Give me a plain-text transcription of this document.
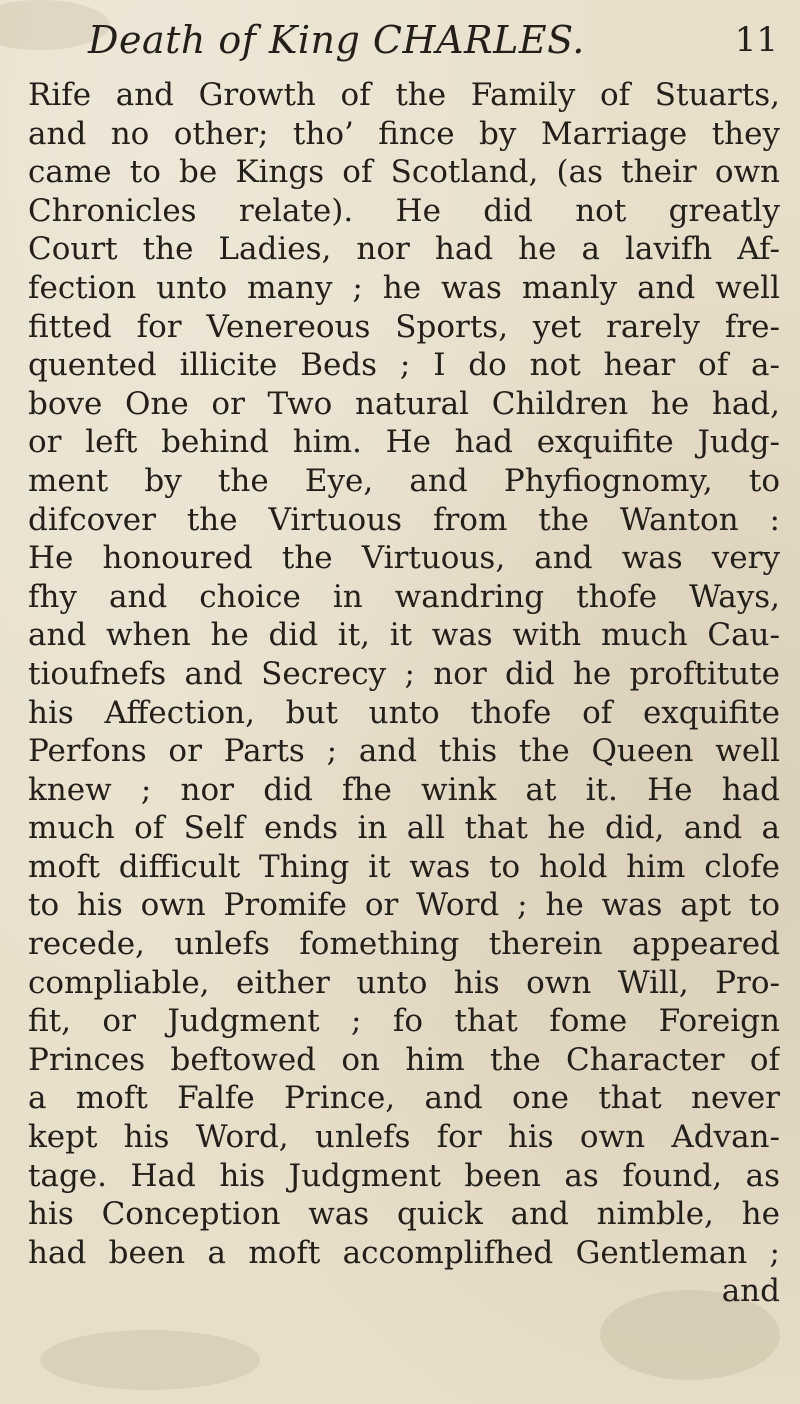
Death of King CHARLES.	11
Rife and Growth of the Family of Stuarts,
and no other; tho’ fince by Marriage they
came to be Kings of Scotland, (as their own
Chronicles relate). He did not greatly
Court the Ladies, nor had he a lavifh Af-
fection unto many ; he was manly and well
fitted for Venereous Sports, yet rarely fre-
quented illicite Beds ; I do not hear of a-
bove One or Two natural Children he had,
or left behind him. He had exquifite Judg-
ment by the Eye, and Phyfiognomy, to
difcover the Virtuous from the Wanton :
He honoured the Virtuous, and was very
fhy and choice in wandring thofe Ways,
and when he did it, it was with much Cau-
tioufnefs and Secrecy ; nor did he proftitute
his Affection, but unto thofe of exquifite
Perfons or Parts ; and this the Queen well
knew ; nor did fhe wink at it. He had
much of Self ends in all that he did, and a
moft difficult Thing it was to hold him clofe
to his own Promife or Word ; he was apt to
recede, unlefs fomething therein appeared
compliable, either unto his own Will, Pro-
fit, or Judgment ; fo that fome Foreign
Princes beftowed on him the Character of
a moft Falfe Prince, and one that never
kept his Word, unlefs for his own Advan-
tage. Had his Judgment been as found, as
his Conception was quick and nimble, he
had been a moft accomplifhed Gentleman ;
and
